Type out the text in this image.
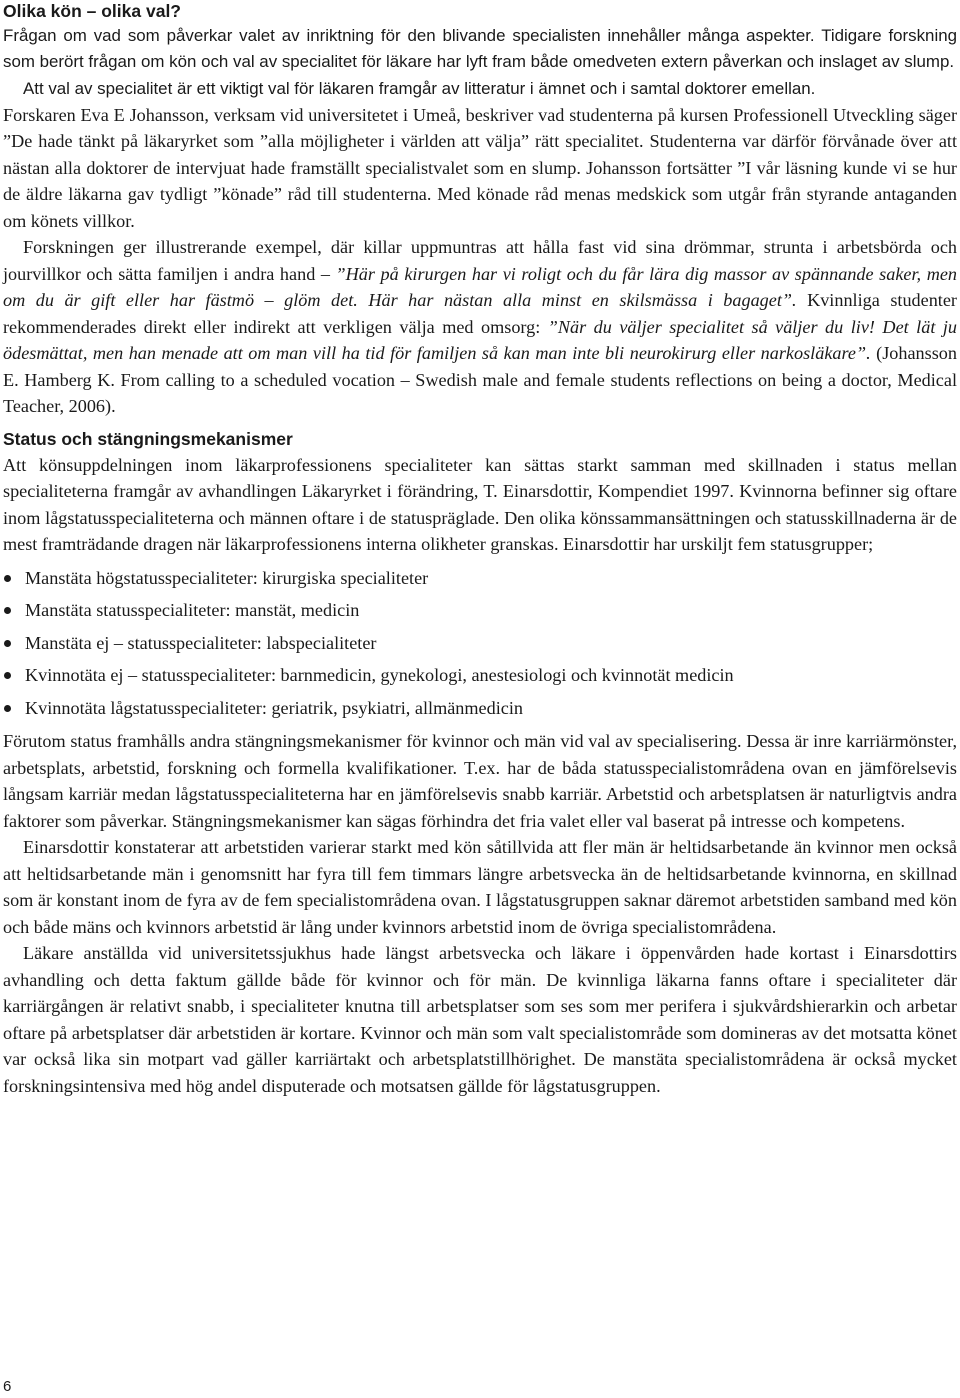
Olika kön – olika val?

Frågan om vad som påverkar valet av inriktning för den blivande specialisten innehåller många aspekter. Tidigare forskning som berört frågan om kön och val av specialitet för läkare har lyft fram både omedveten extern påverkan och inslaget av slump.

Att val av specialitet är ett viktigt val för läkaren framgår av litteratur i ämnet och i samtal doktorer emellan.

Forskaren Eva E Johansson, verksam vid universitetet i Umeå, beskriver vad studenterna på kursen Professionell Utveckling säger ”De hade tänkt på läkaryrket som ”alla möjligheter i världen att välja” rätt specialitet. Studenterna var därför förvånade över att nästan alla doktorer de intervjuat hade framställt specialistvalet som en slump. Johansson fortsätter ”I vår läsning kunde vi se hur de äldre läkarna gav tydligt ”könade” råd till studenterna. Med könade råd menas medskick som utgår från styrande antaganden om könets villkor.

Forskningen ger illustrerande exempel, där killar uppmuntras att hålla fast vid sina drömmar, strunta i arbetsbörda och jourvillkor och sätta familjen i andra hand – ”Här på kirurgen har vi roligt och du får lära dig massor av spännande saker, men om du är gift eller har fästmö – glöm det. Här har nästan alla minst en skilsmässa i bagaget”. Kvinnliga studenter rekommenderades direkt eller indirekt att verkligen välja med omsorg: ”När du väljer specialitet så väljer du liv! Det lät ju ödesmättat, men han menade att om man vill ha tid för familjen så kan man inte bli neurokirurg eller narkosläkare”. (Johansson E. Hamberg K. From calling to a scheduled vocation – Swedish male and female students reflections on being a doctor, Medical Teacher, 2006).

Status och stängningsmekanismer

Att könsuppdelningen inom läkarprofessionens specialiteter kan sättas starkt samman med skillnaden i status mellan specialiteterna framgår av avhandlingen Läkaryrket i förändring, T. Einarsdottir, Kompendiet 1997. Kvinnorna befinner sig oftare inom lågstatusspecialiteterna och männen oftare i de statuspräglade. Den olika könssammansättningen och statusskillnaderna är de mest framträdande dragen när läkarprofessionens interna olikheter granskas. Einarsdottir har urskiljt fem statusgrupper;

Manstäta högstatusspecialiteter: kirurgiska specialiteter
Manstäta statusspecialiteter: manstät, medicin
Manstäta ej – statusspecialiteter: labspecialiteter
Kvinnotäta ej – statusspecialiteter: barnmedicin, gynekologi, anestesiologi och kvinnotät medicin
Kvinnotäta lågstatusspecialiteter: geriatrik, psykiatri, allmänmedicin

Förutom status framhålls andra stängningsmekanismer för kvinnor och män vid val av specialisering. Dessa är inre karriärmönster, arbetsplats, arbetstid, forskning och formella kvalifikationer. T.ex. har de båda statusspecialistområdena ovan en jämförelsevis långsam karriär medan lågstatusspecialiteterna har en jämförelsevis snabb karriär. Arbetstid och arbetsplatsen är naturligtvis andra faktorer som påverkar. Stängningsmekanismer kan sägas förhindra det fria valet eller val baserat på intresse och kompetens.

Einarsdottir konstaterar att arbetstiden varierar starkt med kön såtillvida att fler män är heltidsarbetande än kvinnor men också att heltidsarbetande män i genomsnitt har fyra till fem timmars längre arbetsvecka än de heltidsarbetande kvinnorna, en skillnad som är konstant inom de fyra av de fem specialistområdena ovan. I lågstatusgruppen saknar däremot arbetstiden samband med kön och både mäns och kvinnors arbetstid är lång under kvinnors arbetstid inom de övriga specialistområdena.

Läkare anställda vid universitetssjukhus hade längst arbetsvecka och läkare i öppenvården hade kortast i Einarsdottirs avhandling och detta faktum gällde både för kvinnor och för män. De kvinnliga läkarna fanns oftare i specialiteter där karriärgången är relativt snabb, i specialiteter knutna till arbetsplatser som ses som mer perifera i sjukvårdshierarkin och arbetar oftare på arbetsplatser där arbetstiden är kortare. Kvinnor och män som valt specialistområde som domineras av det motsatta könet var också lika sin motpart vad gäller karriärtakt och arbetsplatstillhörighet. De manstäta specialistområdena är också mycket forskningsintensiva med hög andel disputerade och motsatsen gällde för lågstatusgruppen.

6
